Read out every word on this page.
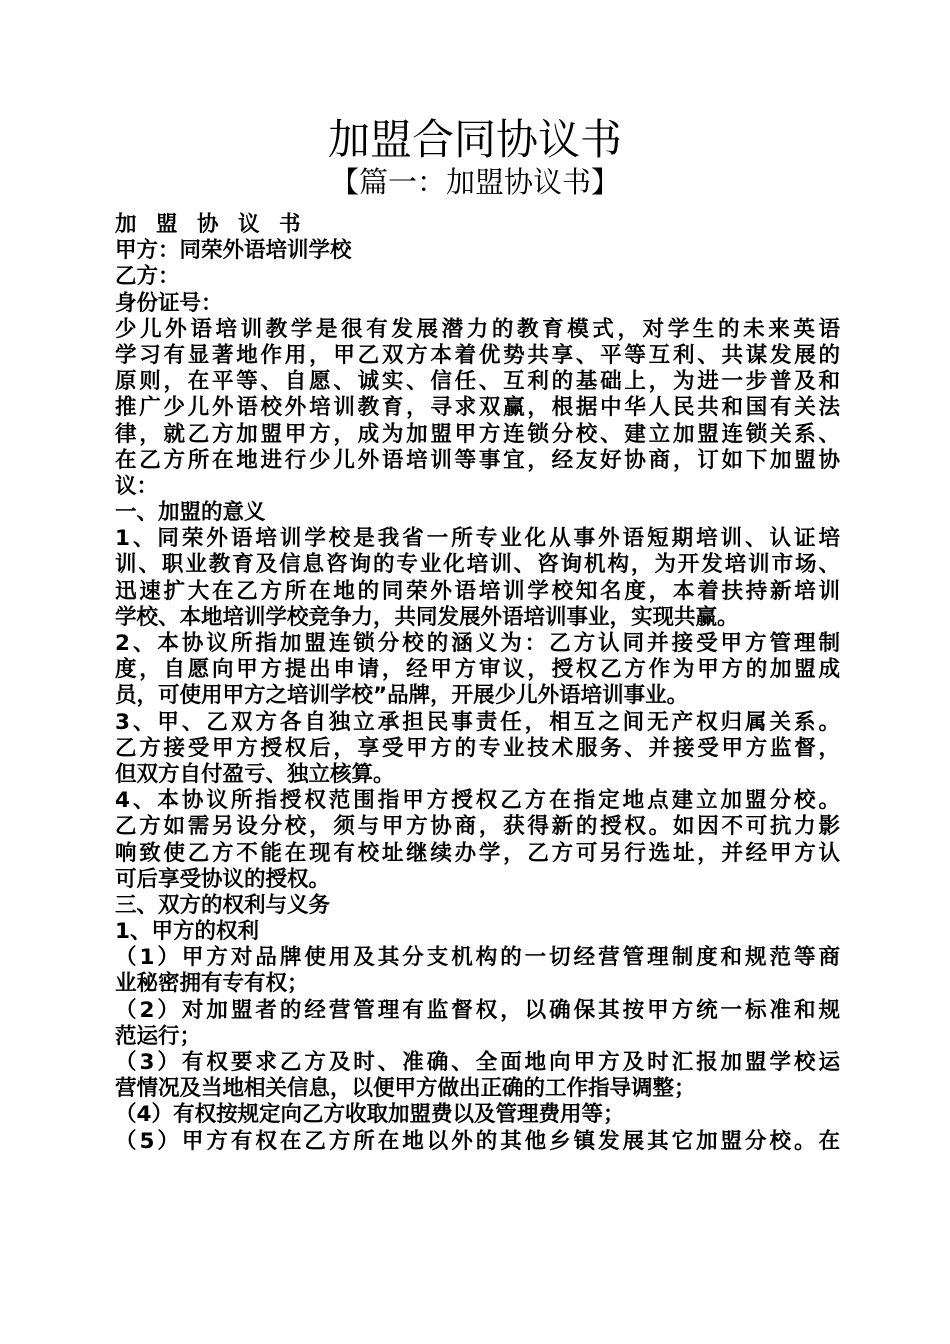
加盟合同协议书
【篇一：加盟协议书】
加 盟 协 议 书
甲方：同荣外语培训学校
乙方：
身份证号：
少儿外语培训教学是很有发展潜力的教育模式，对学生的未来英语
学习有显著地作用，甲乙双方本着优势共享、平等互利、共谋发展的
原则，在平等、自愿、诚实、信任、互利的基础上，为进一步普及和
推广少儿外语校外培训教育，寻求双赢，根据中华人民共和国有关法
律，就乙方加盟甲方，成为加盟甲方连锁分校、建立加盟连锁关系、
在乙方所在地进行少儿外语培训等事宜，经友好协商，订如下加盟协
议：
一、加盟的意义
1、同荣外语培训学校是我省一所专业化从事外语短期培训、认证培
训、职业教育及信息咨询的专业化培训、咨询机构，为开发培训市场、
迅速扩大在乙方所在地的同荣外语培训学校知名度，本着扶持新培训
学校、本地培训学校竞争力，共同发展外语培训事业，实现共赢。
2、本协议所指加盟连锁分校的涵义为：乙方认同并接受甲方管理制
度，自愿向甲方提出申请，经甲方审议，授权乙方作为甲方的加盟成
员，可使用甲方之培训学校”品牌，开展少儿外语培训事业。
3、甲、乙双方各自独立承担民事责任，相互之间无产权归属关系。
乙方接受甲方授权后，享受甲方的专业技术服务、并接受甲方监督，
但双方自付盈亏、独立核算。
4、本协议所指授权范围指甲方授权乙方在指定地点建立加盟分校。
乙方如需另设分校，须与甲方协商，获得新的授权。如因不可抗力影
响致使乙方不能在现有校址继续办学，乙方可另行选址，并经甲方认
可后享受协议的授权。
三、双方的权利与义务
1、甲方的权利
（1）甲方对品牌使用及其分支机构的一切经营管理制度和规范等商
业秘密拥有专有权；
（2）对加盟者的经营管理有监督权，以确保其按甲方统一标准和规
范运行；
（3）有权要求乙方及时、准确、全面地向甲方及时汇报加盟学校运
营情况及当地相关信息，以便甲方做出正确的工作指导调整；
（4）有权按规定向乙方收取加盟费以及管理费用等；
（5）甲方有权在乙方所在地以外的其他乡镇发展其它加盟分校。在
